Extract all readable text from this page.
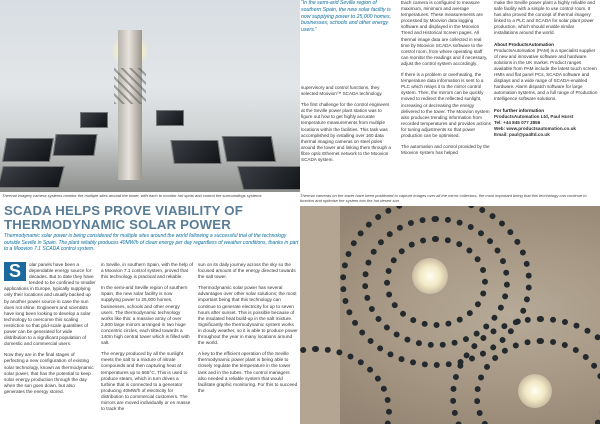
“In the semi-arid Seville region of southern Spain, the new solar facility is now supplying power to 25,000 homes, businesses, schools and other energy users.”

supervisory and control functions, they selected Moovion™ SCADA technology.

The first challenge for the control engineers at the Seville power plant station was to figure out how to get highly accurate temperature measurements from multiple locations within the facilities. This task was accomplished by installing over 160 data thermal imaging cameras on steel poles around the tower and linking them through a fibre optic Ethernet network to the Moovion SCADA system.

Each camera is configured to measure maximum, minimum and average temperatures. These measurements are processed by Moovion data logging software and displayed in the Moovion Trend and Historical Screen pages. All thermal image data are collected in real time by Moovion SCADA software to the control room, from where operating staff can monitor the readings and if necessary, adjust the control system accordingly.

If there is a problem or overheating, the temperature data information is sent to a PLC which relays it to the mirror control system. Then, the mirrors can be quickly moved to redirect the reflected sunlight, increasing or decreasing the energy delivered to the tower. The Moovion system also produces trending information from recorded temperatures and provides actions for tuning adjustments so that power production can be optimised.

The automation and control provided by the Moovion system has helped

make the Seville power plant a highly reliable and safe facility with a simple to use control room. It has also proved the concept of thermal imagery linked to a PLC and SCADA for solar plant power production, which should enable similar installations around the world.

About ProductsAutomation

ProductsAutomation (PAM) is a specialist supplier of new and innovative software and hardware solutions in the UK market. Product ranges available from PAM include the latest touch screen HMIs and flat panel PCs, SCADA software and displays and a wide range of SCADA-enabled hardware. Alarm dispatch software for large automation systems, and a full range of Production Intelligence software solutions.

For further information
ProductsAutomation Ltd, Paul Hurst
Tel: +44 845 077 3856
Web: www.productsautomation.co.uk
Email: paul@pa4ltd.co.uk
Thermal imagery camera systems monitor the multiple sites around the tower, with each to monitor hot spots and control the surroundings systems	Thermal cameras on the tower have been positioned to capture images over all the mirror collectors, the most important being that this technology can continue to function and optimise the system into the hot desert sun
SCADA HELPS PROVE VIABILITY OF THERMODYNAMIC SOLAR POWER
Thermodynamic solar power is being considered for multiple sites around the world following a successful trial of the technology outside Seville in Spain. The plant reliably produces 40MW/h of clean energy per day regardless of weather conditions, thanks in part to a Moovion 7.1 SCADA control system.
S	olar panels have been a dependable energy source for decades. But to date they have tended to be confined to smaller applications in Europe, typically supplying only their locations and usually backed up by another power source in case the sun does not shine. Engineers and scientists have long been looking to develop a solar technology to overcome this scaling restriction so that grid-scale quantities of power can be generated for wide distribution to a significant population of domestic and commercial users.

Now they are in the final stages of perfecting a new configuration of existing solar technology, known as thermodynamic solar power, that has the potential to keep solar energy production through the day when the sun goes down, but also generates the energy stored.

in Seville, in southern Spain, with the help of a Moovion 7.1 control system, proved that this technology is practical and reliable.

In the semi-arid Seville region of southern Spain, the new solar facility is now supplying power to 25,000 homes, businesses, schools and other energy users. The thermodynamic technology works like this: a massive array of over 2,600 large mirrors arranged in two huge concentric circles, each tilted towards a 140m high central tower which is filled with salt.

The energy produced by all the sunlight meets the salt to a mixture of nitrate compounds and then capturing heat at temperatures up to 565°C. This is used to produce steam, which in turn drives a turbine that is connected to a generator producing 40MW/h of electricity for distribution to commercial customers. The mirrors are moved individually or en masse to track the

sun on its daily journey across the sky so the focused amount of the energy directed towards the salt tower.

Thermodynamic solar power has several advantages over other solar solutions; the most important being that this technology can continue to generate electricity for up to seven hours after sunset. This is possible because of the insulated heat build-up in the salt mixture. Significantly the thermodynamic system works in cloudy weather, so it is able to produce power throughout the year in many locations around the world.

A key to the efficient operation of the Seville thermodynamic power plant is being able to closely regulate the temperature in the tower tank and in the tubes. The control managers also needed a reliable system that would facilitate graphic monitoring. For this to succeed the
